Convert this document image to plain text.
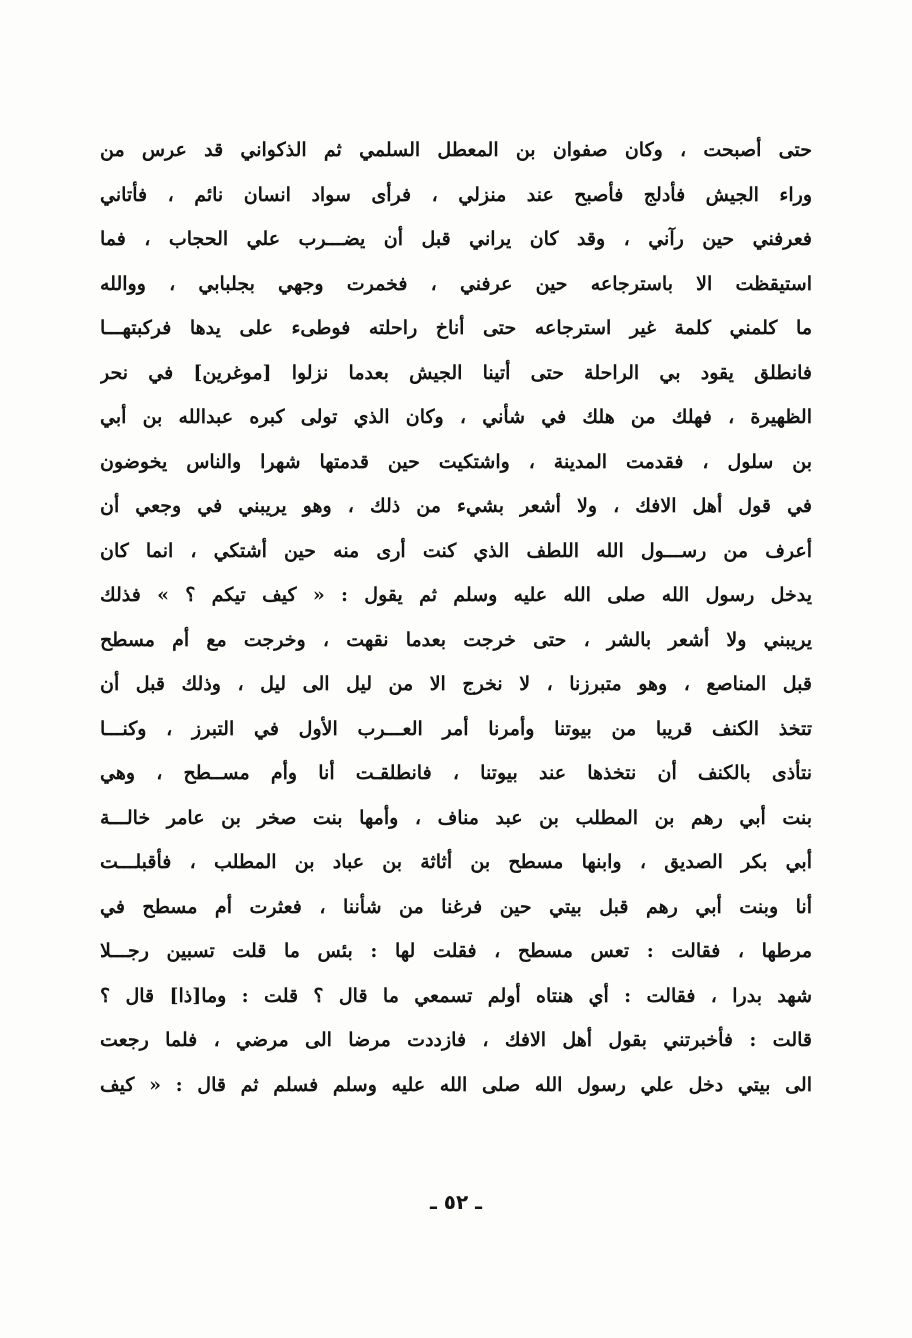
حتى أصبحت ، وكان صفوان بن المعطل السلمي ثم الذكواني قد عرس من
وراء الجيش فأدلج فأصبح عند منزلي ، فرأى سواد انسان نائم ، فأتاني
فعرفني حين رآني ، وقد كان يراني قبل أن يضـــرب علي الحجاب ، فما
استيقظت الا باسترجاعه حين عرفني ، فخمرت وجهي بجلبابي ، ووالله
ما كلمني كلمة غير استرجاعه حتى أناخ راحلته فوطىء على يدها فركبتهـــا
فانطلق يقود بي الراحلة حتى أتينا الجيش بعدما نزلوا [موغرين] في نحر
الظهيرة ، فهلك من هلك في شأني ، وكان الذي تولى كبره عبدالله بن أبي
بن سلول ، فقدمت المدينة ، واشتكيت حين قدمتها شهرا والناس يخوضون
في قول أهل الافك ، ولا أشعر بشيء من ذلك ، وهو يريبني في وجعي أن
أعرف من رســـول الله اللطف الذي كنت أرى منه حين أشتكي ، انما كان
يدخل رسول الله صلى الله عليه وسلم ثم يقول : « كيف تيكم ؟ » فذلك
يريبني ولا أشعر بالشر ، حتى خرجت بعدما نقهت ، وخرجت مع أم مسطح
قبل المناصع ، وهو متبرزنا ، لا نخرج الا من ليل الى ليل ، وذلك قبل أن
تتخذ الكنف قريبا من بيوتنا وأمرنا أمر العـــرب الأول في التبرز ، وكنـــا
نتأذى بالكنف أن نتخذها عند بيوتنا ، فانطلقـت أنا وأم مســطح ، وهي
بنت أبي رهم بن المطلب بن عبد مناف ، وأمها بنت صخر بن عامر خالـــة
أبي بكر الصديق ، وابنها مسطح بن أثاثة بن عباد بن المطلب ، فأقبلـــت
أنا وبنت أبي رهم قبل بيتي حين فرغنا من شأننا ، فعثرت أم مسطح في
مرطها ، فقالت : تعس مسطح ، فقلت لها : بئس ما قلت تسبين رجـــلا
شهد بدرا ، فقالت : أي هنتاه أولم تسمعي ما قال ؟ قلت : وما[ذا] قال ؟
قالت : فأخبرتني بقول أهل الافك ، فازددت مرضا الى مرضي ، فلما رجعت
الى بيتي دخل علي رسول الله صلى الله عليه وسلم فسلم ثم قال : « كيف
ـ ٥٢ ـ
